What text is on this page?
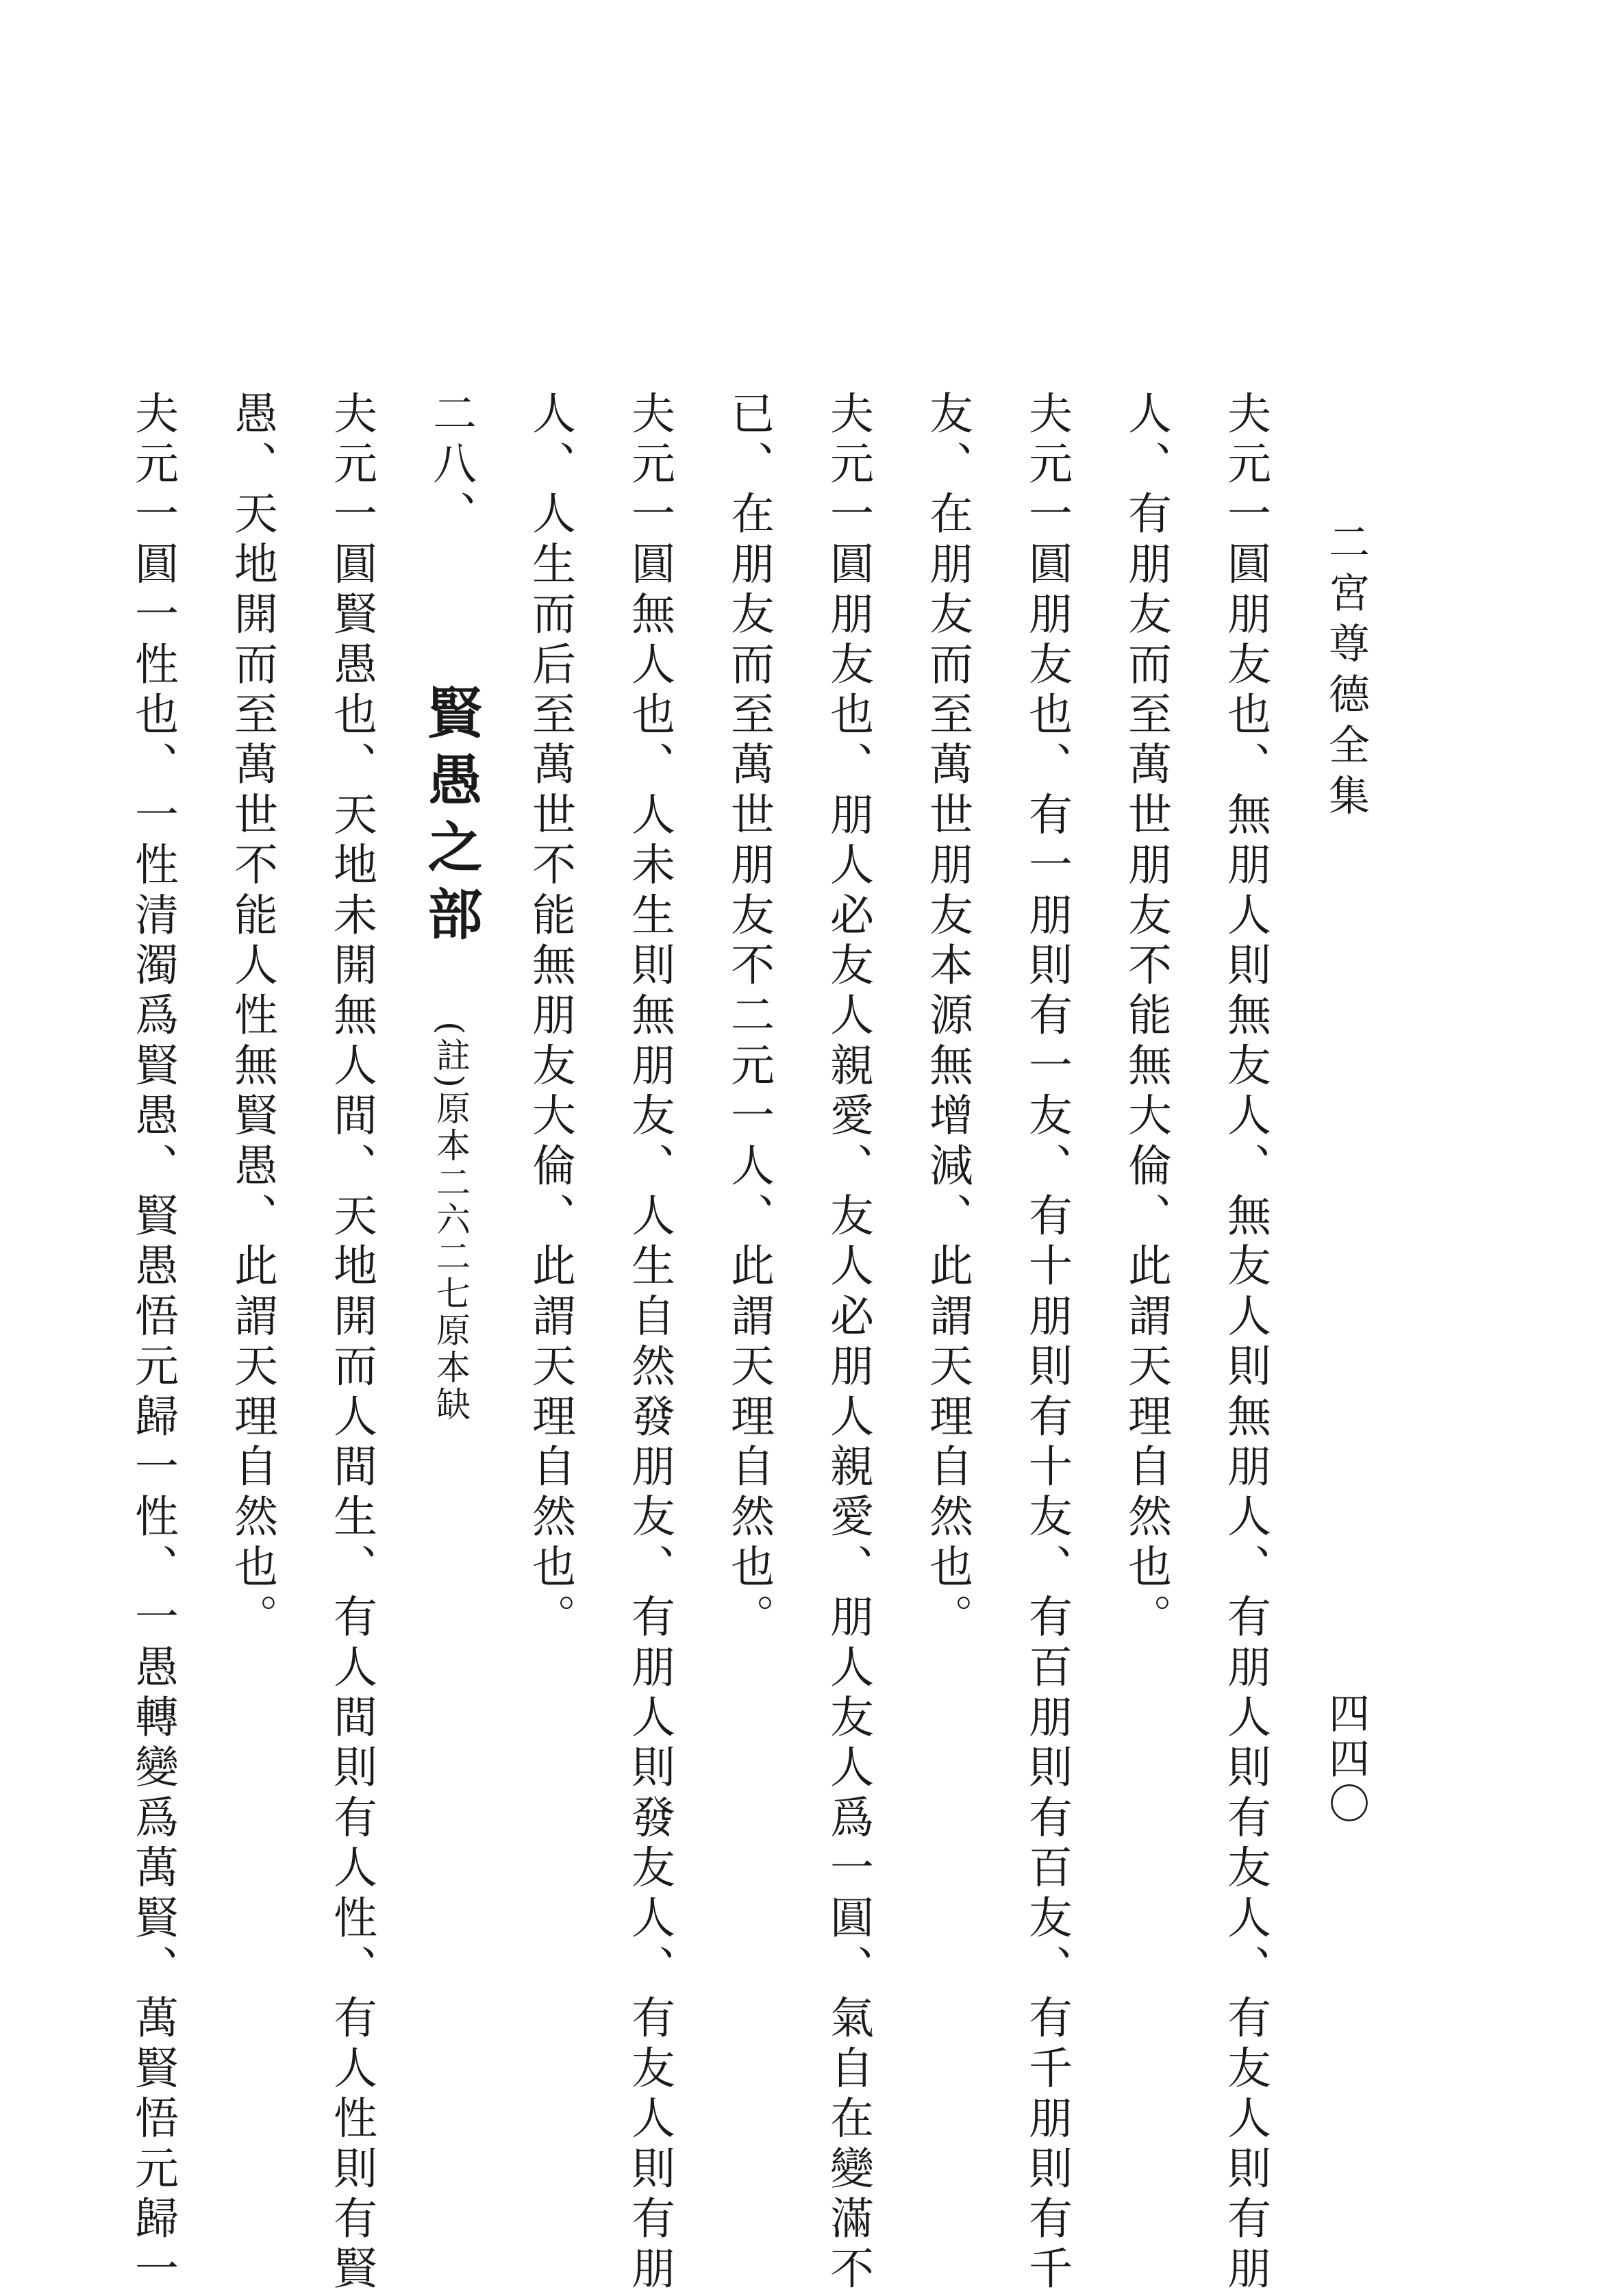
二宮尊德全集
四四〇
夫元一圓朋友也、無朋人則無友人、無友人則無朋人、有朋人則有友人、有友人則有朋
人、有朋友而至萬世朋友不能無大倫、此謂天理自然也。
夫元一圓朋友也、有一朋則有一友、有十朋則有十友、有百朋則有百友、有千朋則有千
友、在朋友而至萬世朋友本源無增減、此謂天理自然也。
夫元一圓朋友也、朋人必友人親愛、友人必朋人親愛、朋人友人爲一圓、氣自在變滿不
已、在朋友而至萬世朋友不二元一人、此謂天理自然也。
夫元一圓無人也、人未生則無朋友、人生自然發朋友、有朋人則發友人、有友人則有朋
人、人生而后至萬世不能無朋友大倫、此謂天理自然也。
二八、 賢愚之部 (註)原本二六二七原本缺
夫元一圓賢愚也、天地未開無人間、天地開而人間生、有人間則有人性、有人性則有賢
愚、天地開而至萬世不能人性無賢愚、此謂天理自然也。
夫元一圓一性也、一性清濁爲賢愚、賢愚悟元歸一性、一愚轉變爲萬賢、萬賢悟元歸一
